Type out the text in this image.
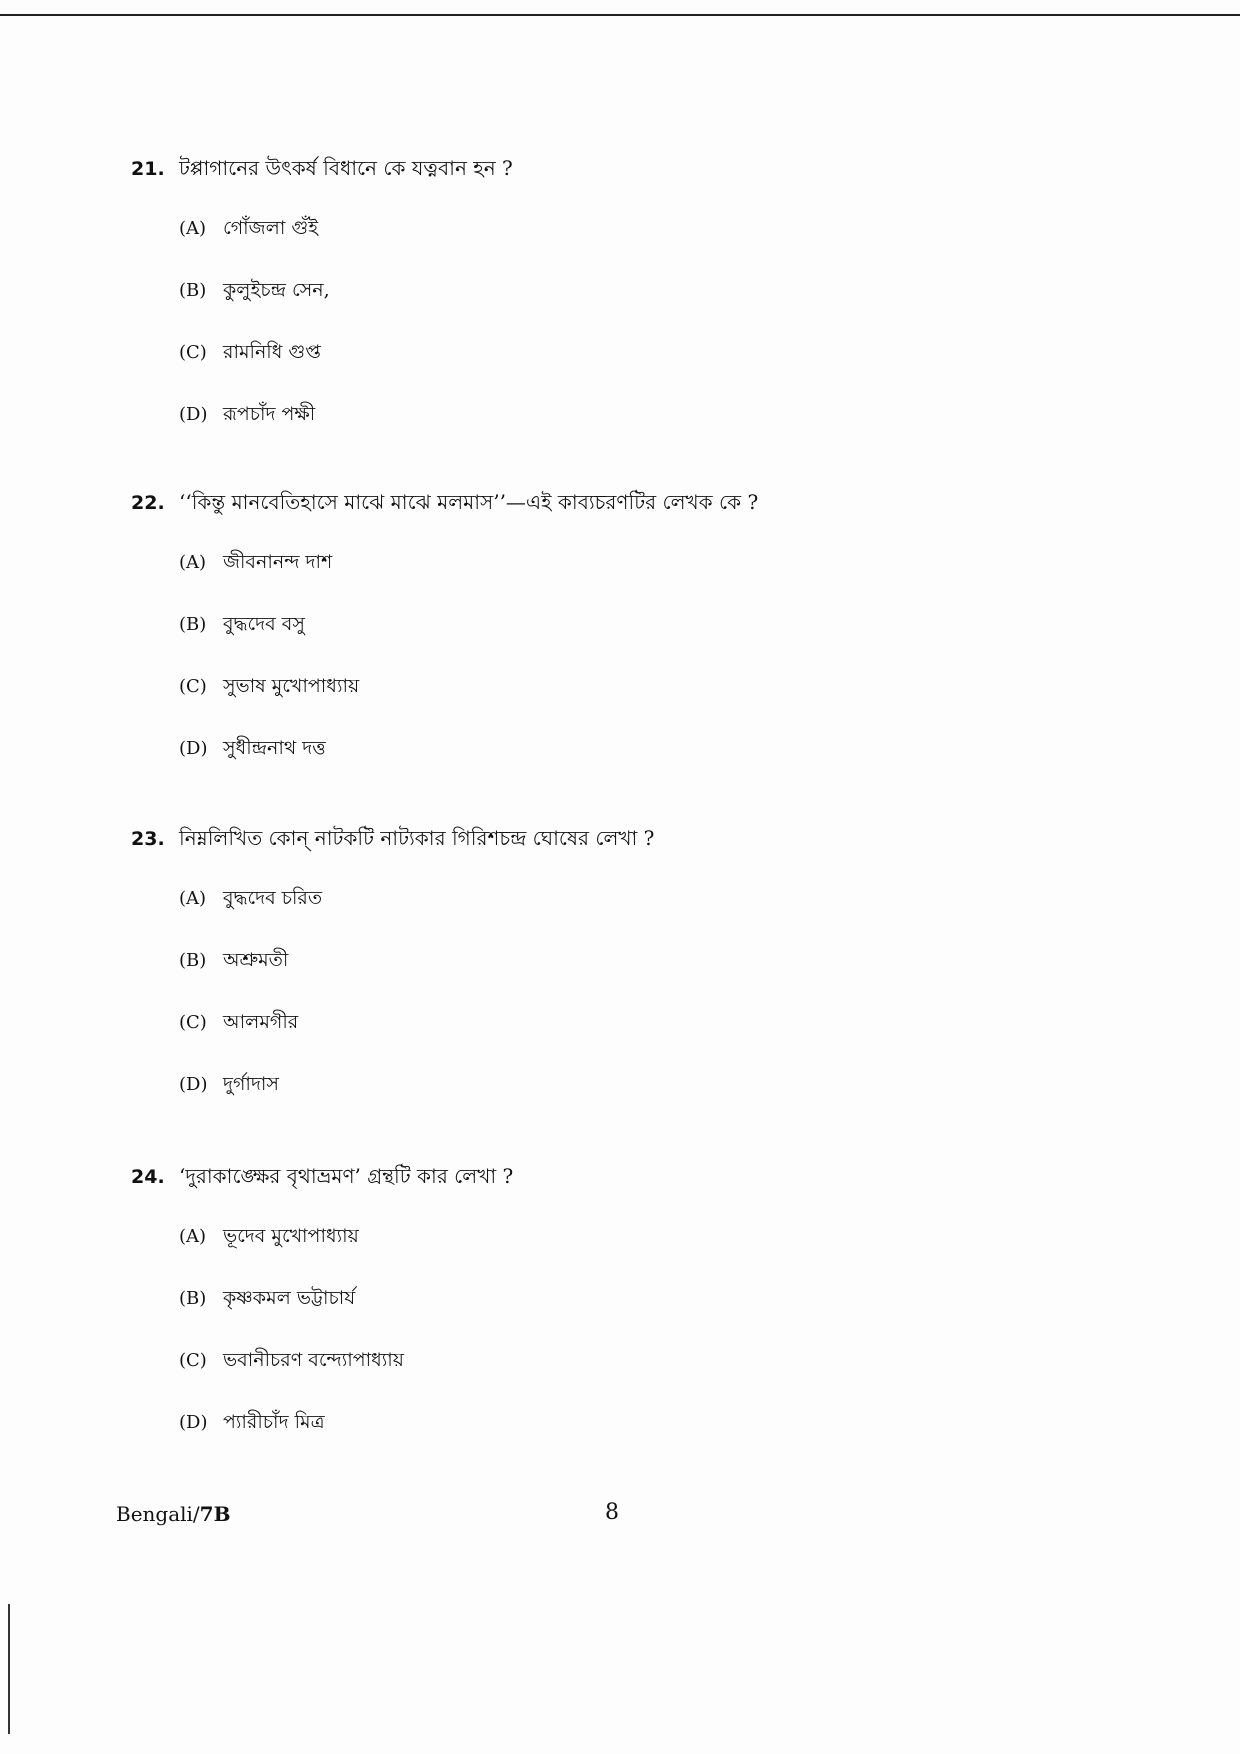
21. টপ্পাগানের উৎকর্ষ বিধানে কে যত্নবান হন ?
(A) গোঁজলা গুঁই
(B) কুলুইচন্দ্র সেন,
(C) রামনিধি গুপ্ত
(D) রূপচাঁদ পক্ষী
22. ‘‘কিন্তু মানবেতিহাসে মাঝে মাঝে মলমাস’’—এই কাব্যচরণটির লেখক কে ?
(A) জীবনানন্দ দাশ
(B) বুদ্ধদেব বসু
(C) সুভাষ মুখোপাধ্যায়
(D) সুধীন্দ্রনাথ দত্ত
23. নিম্নলিখিত কোন্‌ নাটকটি নাট্যকার গিরিশচন্দ্র ঘোষের লেখা ?
(A) বুদ্ধদেব চরিত
(B) অশ্রুমতী
(C) আলমগীর
(D) দুর্গাদাস
24. ‘দুরাকাঙ্ক্ষের বৃথাভ্রমণ’ গ্রন্থটি কার লেখা ?
(A) ভূদেব মুখোপাধ্যায়
(B) কৃষ্ণকমল ভট্টাচার্য
(C) ভবানীচরণ বন্দ্যোপাধ্যায়
(D) প্যারীচাঁদ মিত্র
Bengali/7B	8
